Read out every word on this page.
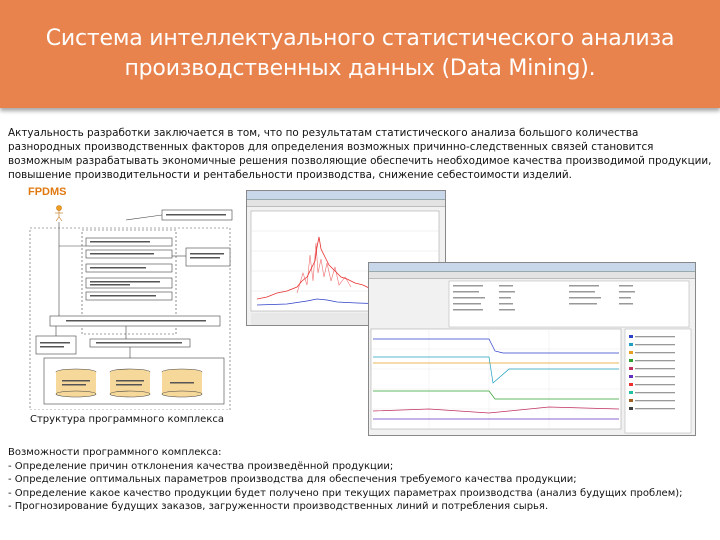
Система интеллектуального статистического анализа
производственных данных (Data Mining).
Актуальность разработки заключается в том, что по результатам статистического анализа большого количества разнородных производственных факторов для определения возможных причинно-следственных связей становится возможным разрабатывать экономичные решения позволяющие обеспечить необходимое качества производимой продукции, повышение производительности и рентабельности производства, снижение себестоимости изделий.
FPDMS
Структура программного комплекса
Возможности программного комплекса:
- Определение причин отклонения качества произведённой продукции;
- Определение оптимальных параметров производства для обеспечения требуемого качества продукции;
- Определение какое качество продукции будет получено при текущих параметрах производства (анализ будущих проблем);
- Прогнозирование будущих заказов, загруженности производственных линий и потребления сырья.
